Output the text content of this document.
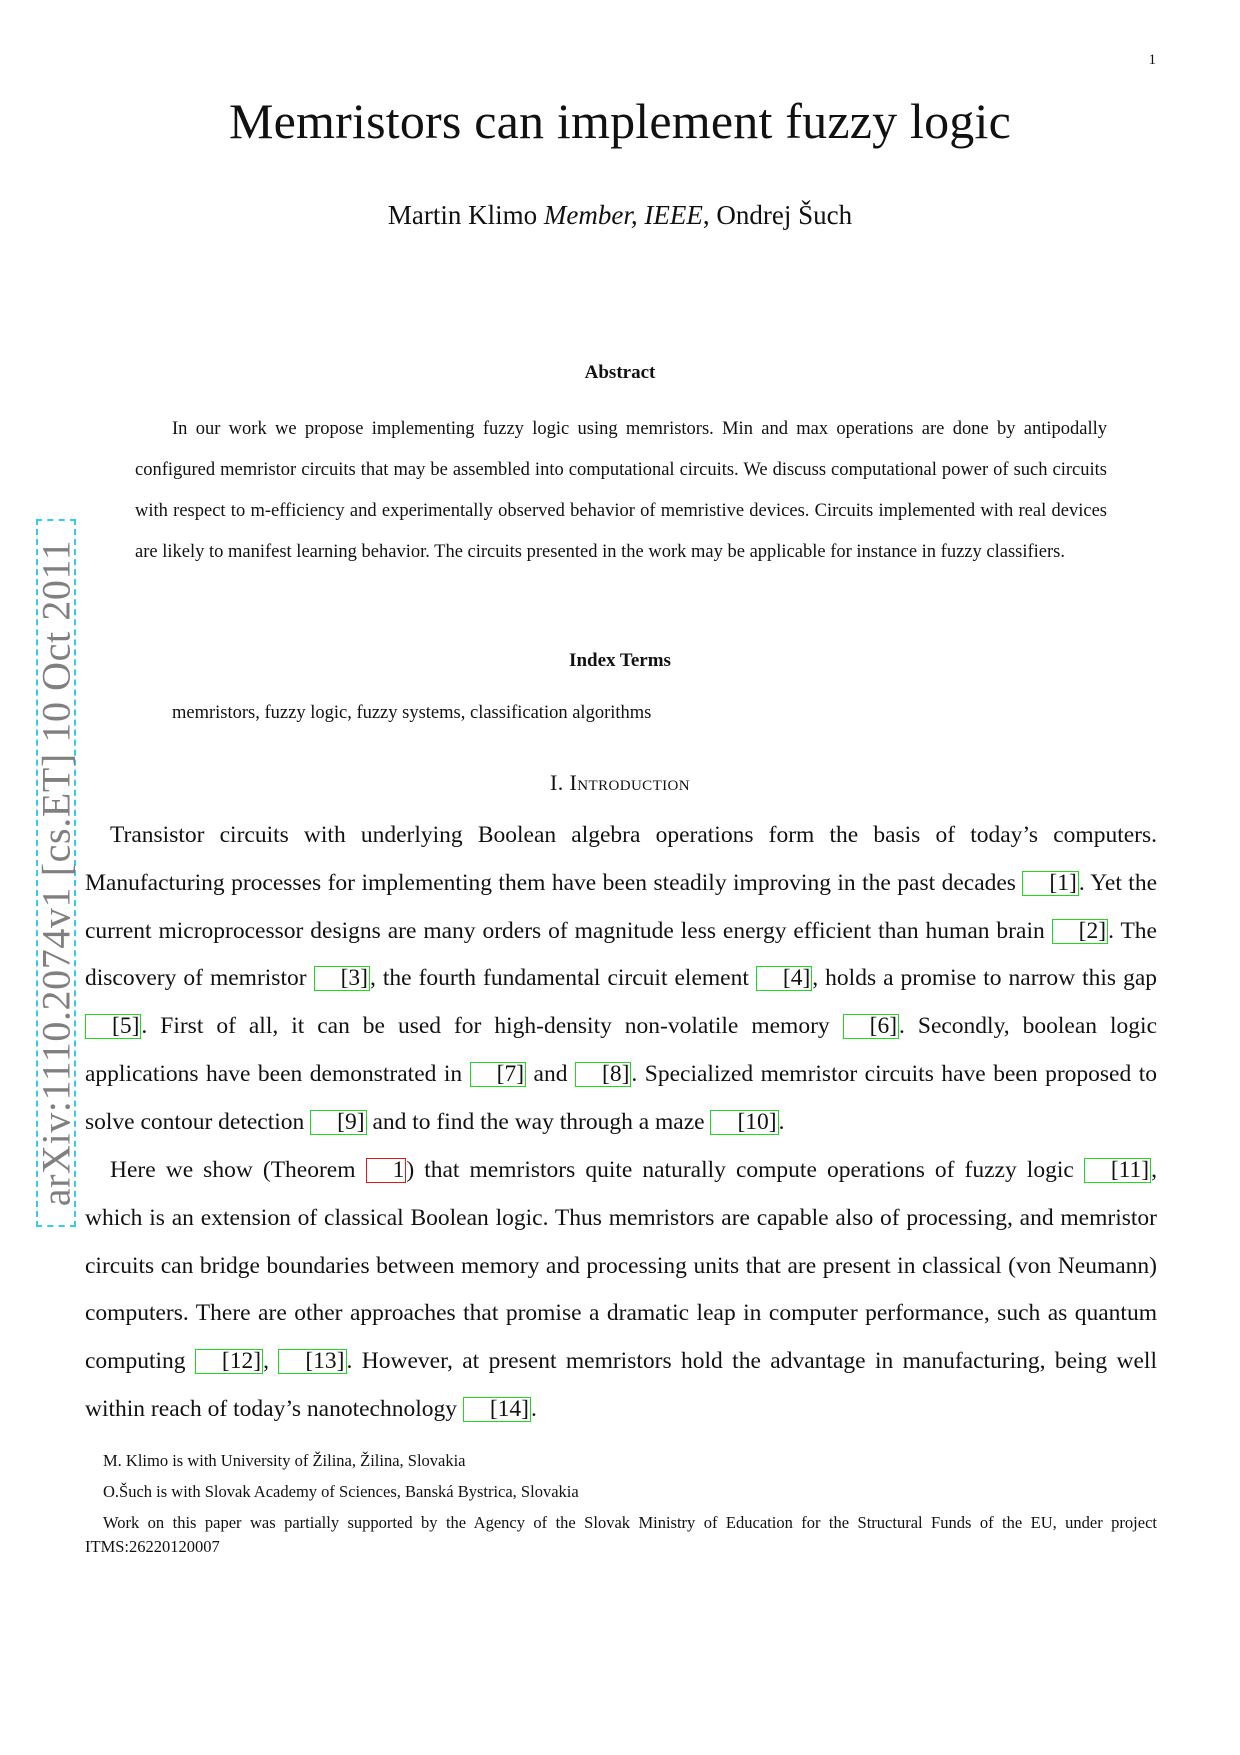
1
Memristors can implement fuzzy logic
Martin Klimo Member, IEEE, Ondrej Šuch
Abstract

In our work we propose implementing fuzzy logic using memristors. Min and max operations are done by antipodally configured memristor circuits that may be assembled into computational circuits. We discuss computational power of such circuits with respect to m-efficiency and experimentally observed behavior of memristive devices. Circuits implemented with real devices are likely to manifest learning behavior. The circuits presented in the work may be applicable for instance in fuzzy classifiers.

Index Terms

memristors, fuzzy logic, fuzzy systems, classification algorithms

I. Introduction

Transistor circuits with underlying Boolean algebra operations form the basis of today’s computers. Manufacturing processes for implementing them have been steadily improving in the past decades [1]. Yet the current microprocessor designs are many orders of magnitude less energy efficient than human brain [2]. The discovery of memristor [3], the fourth fundamental circuit element [4], holds a promise to narrow this gap [5]. First of all, it can be used for high-density non-volatile memory [6]. Secondly, boolean logic applications have been demonstrated in [7] and [8]. Specialized memristor circuits have been proposed to solve contour detection [9] and to find the way through a maze [10].

Here we show (Theorem 1) that memristors quite naturally compute operations of fuzzy logic [11], which is an extension of classical Boolean logic. Thus memristors are capable also of processing, and memristor circuits can bridge boundaries between memory and processing units that are present in classical (von Neumann) computers. There are other approaches that promise a dramatic leap in computer performance, such as quantum computing [12], [13]. However, at present memristors hold the advantage in manufacturing, being well within reach of today’s nanotechnology [14].

M. Klimo is with University of Žilina, Žilina, Slovakia

O.Šuch is with Slovak Academy of Sciences, Banská Bystrica, Slovakia

Work on this paper was partially supported by the Agency of the Slovak Ministry of Education for the Structural Funds of the EU, under project ITMS:26220120007

arXiv:1110.2074v1 [cs.ET] 10 Oct 2011
